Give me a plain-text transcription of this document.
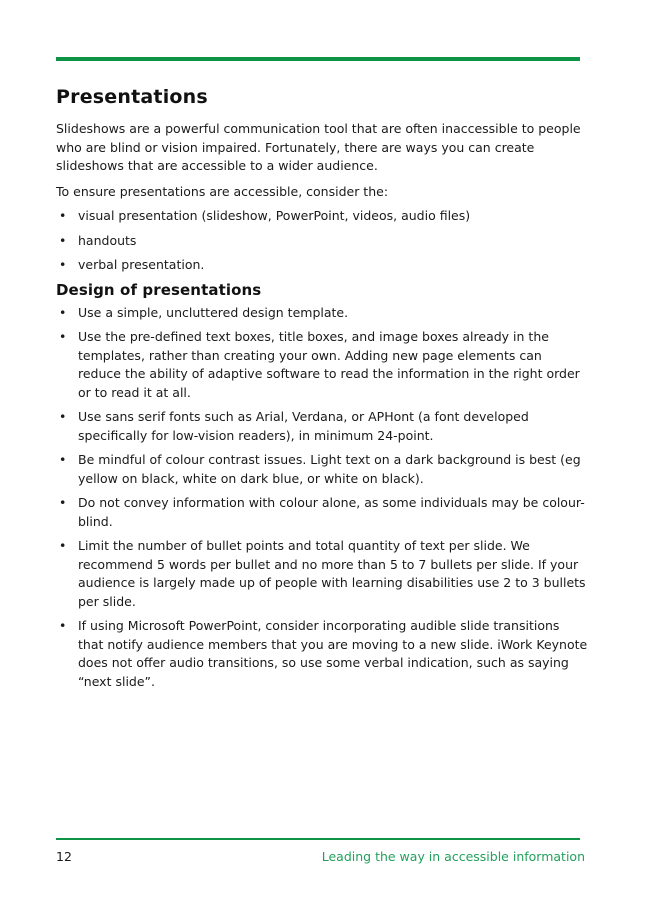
Presentations

Slideshows are a powerful communication tool that are often inaccessible to people who are blind or vision impaired. Fortunately, there are ways you can create slideshows that are accessible to a wider audience.

To ensure presentations are accessible, consider the:

• visual presentation (slideshow, PowerPoint, videos, audio files)
• handouts
• verbal presentation.
Design of presentations
• Use a simple, uncluttered design template.
• Use the pre-defined text boxes, title boxes, and image boxes already in the templates, rather than creating your own. Adding new page elements can reduce the ability of adaptive software to read the information in the right order or to read it at all.
• Use sans serif fonts such as Arial, Verdana, or APHont (a font developed specifically for low-vision readers), in minimum 24-point.
• Be mindful of colour contrast issues. Light text on a dark background is best (eg yellow on black, white on dark blue, or white on black).
• Do not convey information with colour alone, as some individuals may be colour-blind.
• Limit the number of bullet points and total quantity of text per slide. We recommend 5 words per bullet and no more than 5 to 7 bullets per slide. If your audience is largely made up of people with learning disabilities use 2 to 3 bullets per slide.
• If using Microsoft PowerPoint, consider incorporating audible slide transitions that notify audience members that you are moving to a new slide. iWork Keynote does not offer audio transitions, so use some verbal indication, such as saying “next slide”.
12	Leading the way in accessible information
